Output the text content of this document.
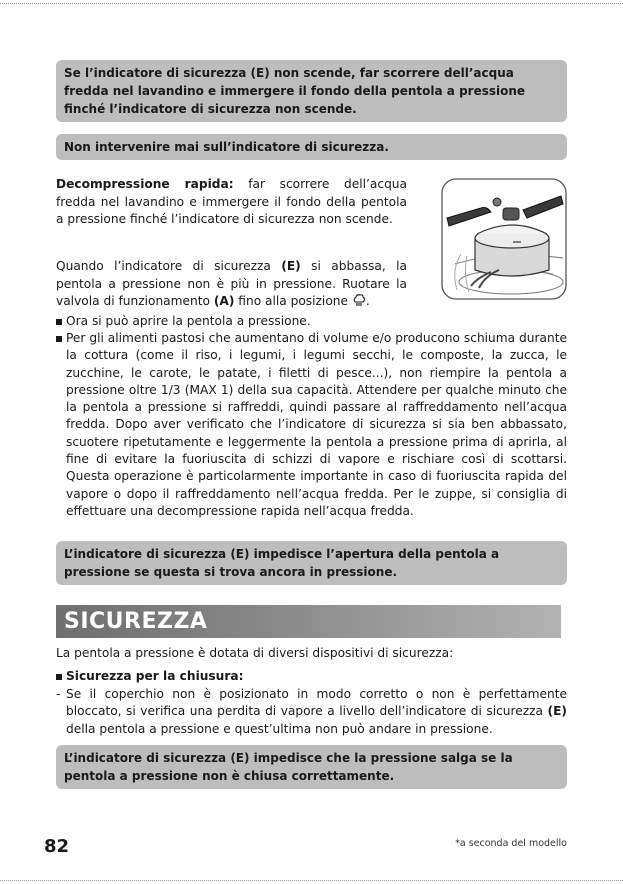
Se l’indicatore di sicurezza (E) non scende, far scorrere dell’acqua fredda nel lavandino e immergere il fondo della pentola a pressione finché l’indicatore di sicurezza non scende.
Non intervenire mai sull’indicatore di sicurezza.
Decompressione rapida: far scorrere dell’acqua fredda nel lavandino e immergere il fondo della pentola a pressione finché l’indicatore di sicurezza non scende.
Quando l’indicatore di sicurezza (E) si abbassa, la pentola a pressione non è più in pressione. Ruotare la valvola di funzionamento (A) fino alla posizione .
Ora si può aprire la pentola a pressione.
Per gli alimenti pastosi che aumentano di volume e/o producono schiuma durante la cottura (come il riso, i legumi, i legumi secchi, le composte, la zucca, le zucchine, le carote, le patate, i filetti di pesce...), non riempire la pentola a pressione oltre 1/3 (MAX 1) della sua capacità. Attendere per qualche minuto che la pentola a pressione si raffreddi, quindi passare al raffreddamento nell’acqua fredda. Dopo aver verificato che l’indicatore di sicurezza si sia ben abbassato, scuotere ripetutamente e leggermente la pentola a pressione prima di aprirla, al fine di evitare la fuoriuscita di schizzi di vapore e rischiare così di scottarsi. Questa operazione è particolarmente importante in caso di fuoriuscita rapida del vapore o dopo il raffreddamento nell’acqua fredda. Per le zuppe, si consiglia di effettuare una decompressione rapida nell’acqua fredda.
L’indicatore di sicurezza (E) impedisce l’apertura della pentola a pressione se questa si trova ancora in pressione.
SICUREZZA
La pentola a pressione è dotata di diversi dispositivi di sicurezza:
Sicurezza per la chiusura:
- Se il coperchio non è posizionato in modo corretto o non è perfettamente bloccato, si verifica una perdita di vapore a livello dell’indicatore di sicurezza (E) della pentola a pressione e quest’ultima non può andare in pressione.
L’indicatore di sicurezza (E) impedisce che la pressione salga se la pentola a pressione non è chiusa correttamente.
82	*a seconda del modello
